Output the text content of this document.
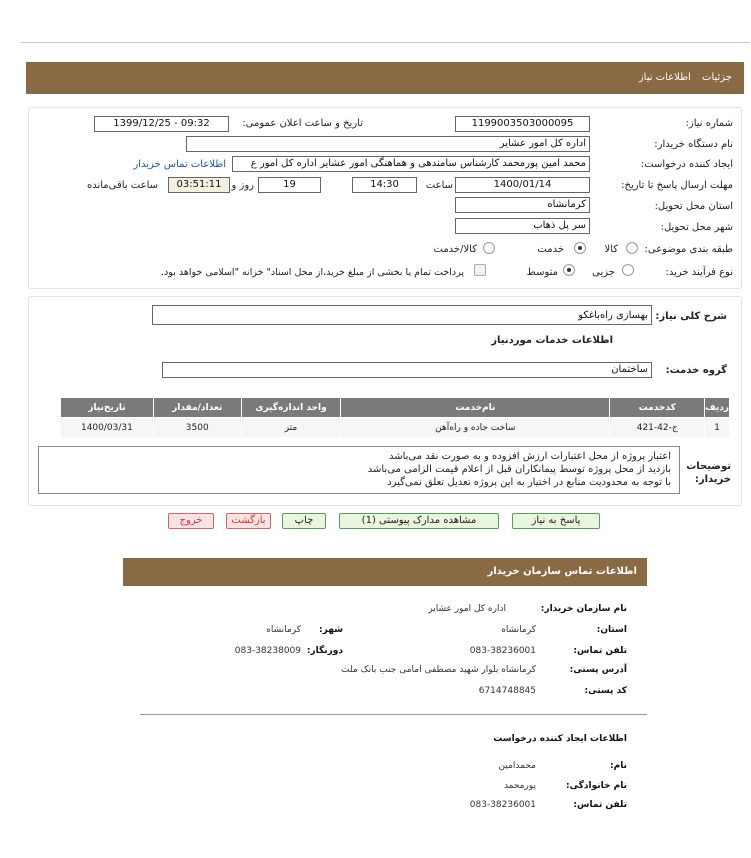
جزئیات اطلاعات نیاز
شماره نیاز:
1199003503000095
تاریخ و ساعت اعلان عمومی:
1399/12/25 - 09:32
نام دستگاه خریدار:
اداره کل امور عشایر
ایجاد کننده درخواست:
محمد امین پورمحمد کارشناس سامندهی و هماهنگی امور عشایر اداره کل امور ع
اطلاعات تماس خریدار
مهلت ارسال پاسخ تا تاریخ:
1400/01/14
ساعت
14:30
19
روز و
03:51:11
ساعت باقی‌مانده
استان محل تحویل:
کرمانشاه
شهر محل تحویل:
سر پل ذهاب
طبقه بندی موضوعی:
کالا
خدمت
کالا/خدمت
نوع فرآیند خرید:
جزیی
متوسط
پرداخت تمام یا بخشی از مبلغ خرید،از محل اسناد" خزانه "اسلامی خواهد بود.
شرح کلی نیاز:
بهسازی راه‌باغکو
اطلاعات خدمات موردنیاز
گروه خدمت:
ساختمان
ردیف	کدخدمت	نام‌خدمت	واحد اندازه‌گیری	تعداد/مقدار	تاریخ‌نیاز
1	ج-42-421	ساخت جاده و راه‌آهن	متر	3500	1400/03/31
توضیحات خریدار:
اعتبار پروژه از محل اعتبارات ارزش افزوده و به صورت نقد می‌باشد
بازدید از محل پروژه توسط پیمانکاران قبل از اعلام قیمت الزامی می‌باشد
با توجه به محدودیت منابع در اختیار به این پروژه تعدیل تعلق نمی‌گیرد
پاسخ به نیاز
مشاهده مدارک پیوستی (1)
چاپ
بازگشت
خروج
اطلاعات تماس سازمان خریدار
نام سازمان خریدار:
اداره کل امور عشایر
استان:
کرمانشاه
شهر:
کرمانشاه
تلفن تماس:
083-38236001
دورنگار:
083-38238009
آدرس پستی:
کرمانشاه بلوار شهید مصطفی امامی جنب بانک ملت
کد پستی:
6714748845
اطلاعات ایجاد کننده درخواست
نام:
محمدامین
نام خانوادگی:
پورمحمد
تلفن تماس:
083-38236001
